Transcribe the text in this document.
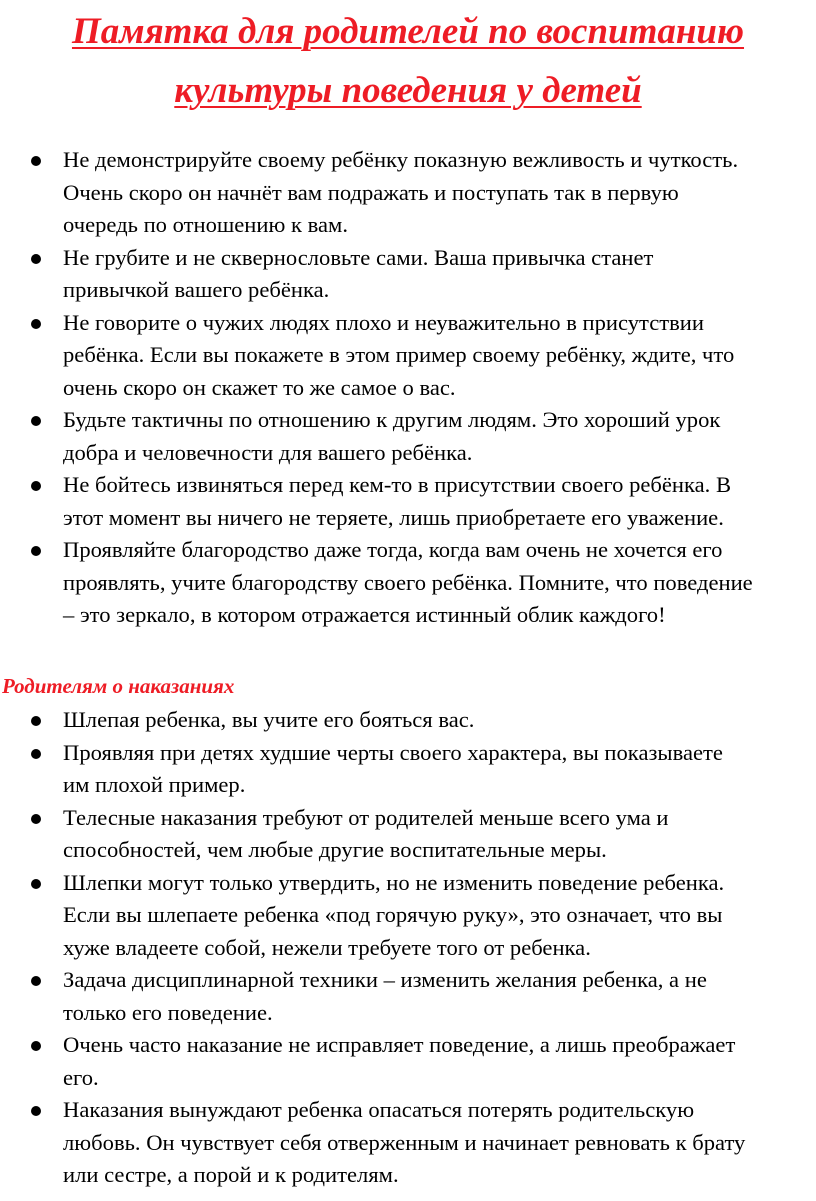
Памятка для родителей по воспитанию
культуры поведения у детей
Не демонстрируйте своему ребёнку показную вежливость и чуткость.
Очень скоро он начнёт вам подражать и поступать так в первую
очередь по отношению к вам.
Не грубите и не сквернословьте сами. Ваша привычка станет
привычкой вашего ребёнка.
Не говорите о чужих людях плохо и неуважительно в присутствии
ребёнка. Если вы покажете в этом пример своему ребёнку, ждите, что
очень скоро он скажет то же самое о вас.
Будьте тактичны по отношению к другим людям. Это хороший урок
добра и человечности для вашего ребёнка.
Не бойтесь извиняться перед кем-то в присутствии своего ребёнка. В
этот момент вы ничего не теряете, лишь приобретаете его уважение.
Проявляйте благородство даже тогда, когда вам очень не хочется его
проявлять, учите благородству своего ребёнка. Помните, что поведение
– это зеркало, в котором отражается истинный облик каждого!
Родителям о наказаниях
Шлепая ребенка, вы учите его бояться вас.
Проявляя при детях худшие черты своего характера, вы показываете
им плохой пример.
Телесные наказания требуют от родителей меньше всего ума и
способностей, чем любые другие воспитательные меры.
Шлепки могут только утвердить, но не изменить поведение ребенка.
Если вы шлепаете ребенка «под горячую руку», это означает, что вы
хуже владеете собой, нежели требуете того от ребенка.
Задача дисциплинарной техники – изменить желания ребенка, а не
только его поведение.
Очень часто наказание не исправляет поведение, а лишь преображает
его.
Наказания вынуждают ребенка опасаться потерять родительскую
любовь. Он чувствует себя отверженным и начинает ревновать к брату
или сестре, а порой и к родителям.
